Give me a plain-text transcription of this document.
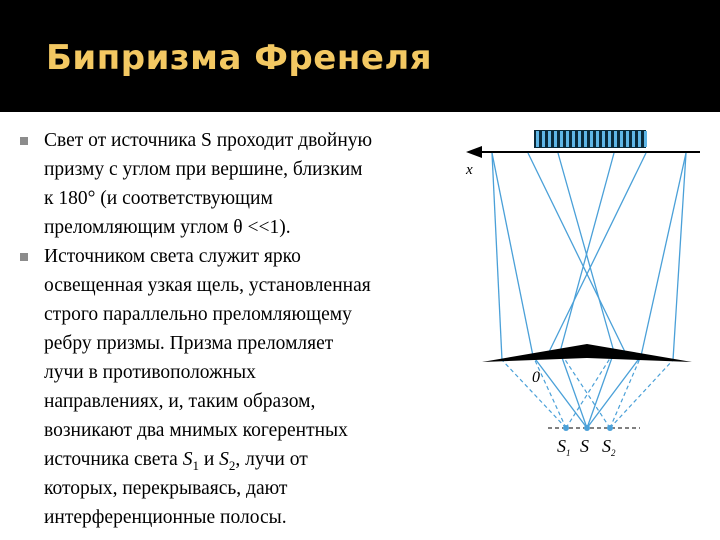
Бипризма Френеля

Свет от источника S проходит двойную

призму с углом при вершине, близким

к 180° (и соответствующим

преломляющим углом θ <<1).

Источником света служит ярко

освещенная узкая щель, установленная

строго параллельно преломляющему

ребру призмы. Призма преломляет

лучи в противоположных

направлениях, и, таким образом,

возникают два мнимых когерентных

источника света $S_1$ и $S_2$, лучи от

которых, перекрываясь, дают

интерференционные полосы.

x
0
$S_1$ S $S_2$
